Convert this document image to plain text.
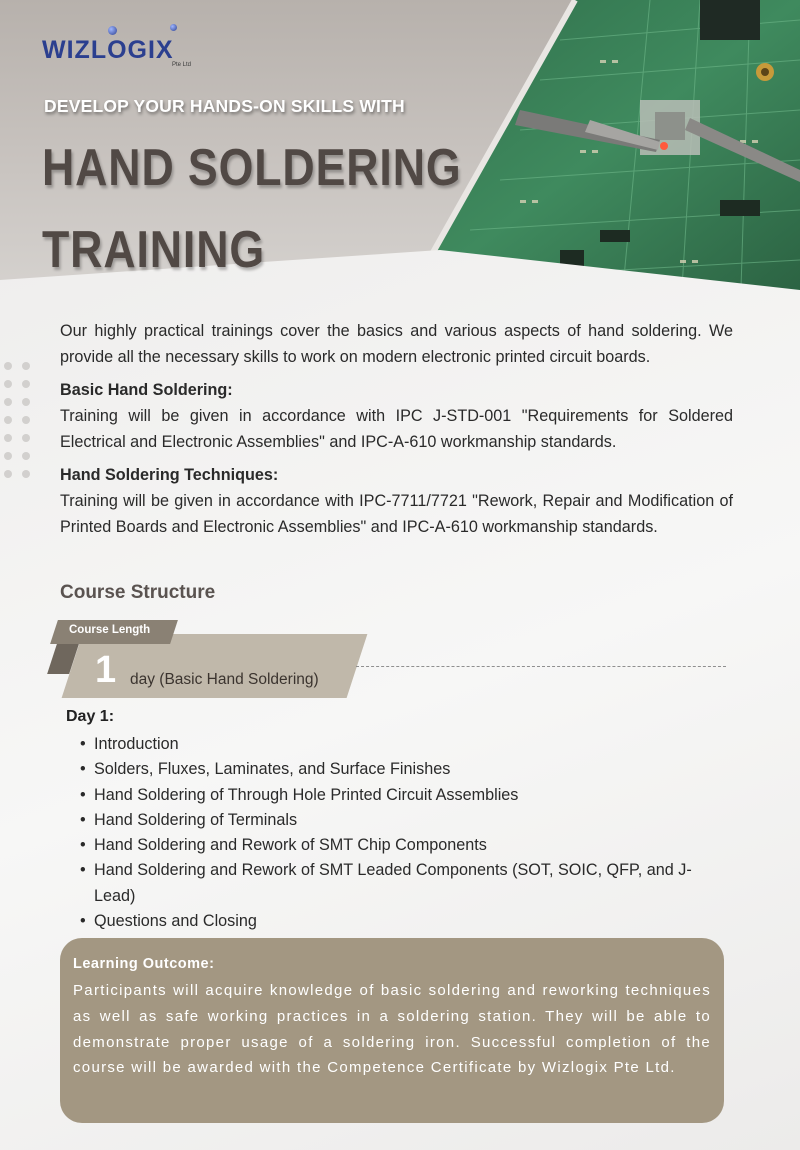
WIZLOGIX
Pte Ltd
DEVELOP YOUR HANDS-ON SKILLS WITH
HAND SOLDERING
TRAINING
Our highly practical trainings cover the basics and various aspects of hand soldering. We provide all the necessary skills to work on modern electronic printed circuit boards.
Basic Hand Soldering:
Training will be given in accordance with IPC J-STD-001 "Requirements for Soldered Electrical and Electronic Assemblies" and IPC-A-610 workmanship standards.
Hand Soldering Techniques:
Training will be given in accordance with IPC-7711/7721 "Rework, Repair and Modification of Printed Boards and Electronic Assemblies" and IPC-A-610 workmanship standards.
Course Structure
Course Length
1 day (Basic Hand Soldering)
Day 1:
• Introduction
• Solders, Fluxes, Laminates, and Surface Finishes
• Hand Soldering of Through Hole Printed Circuit Assemblies
• Hand Soldering of Terminals
• Hand Soldering and Rework of SMT Chip Components
• Hand Soldering and Rework of SMT Leaded Components (SOT, SOIC, QFP, and J-Lead)
• Questions and Closing
Learning Outcome:
Participants will acquire knowledge of basic soldering and reworking techniques as well as safe working practices in a soldering station. They will be able to demonstrate proper usage of a soldering iron. Successful completion of the course will be awarded with the Competence Certificate by Wizlogix Pte Ltd.
